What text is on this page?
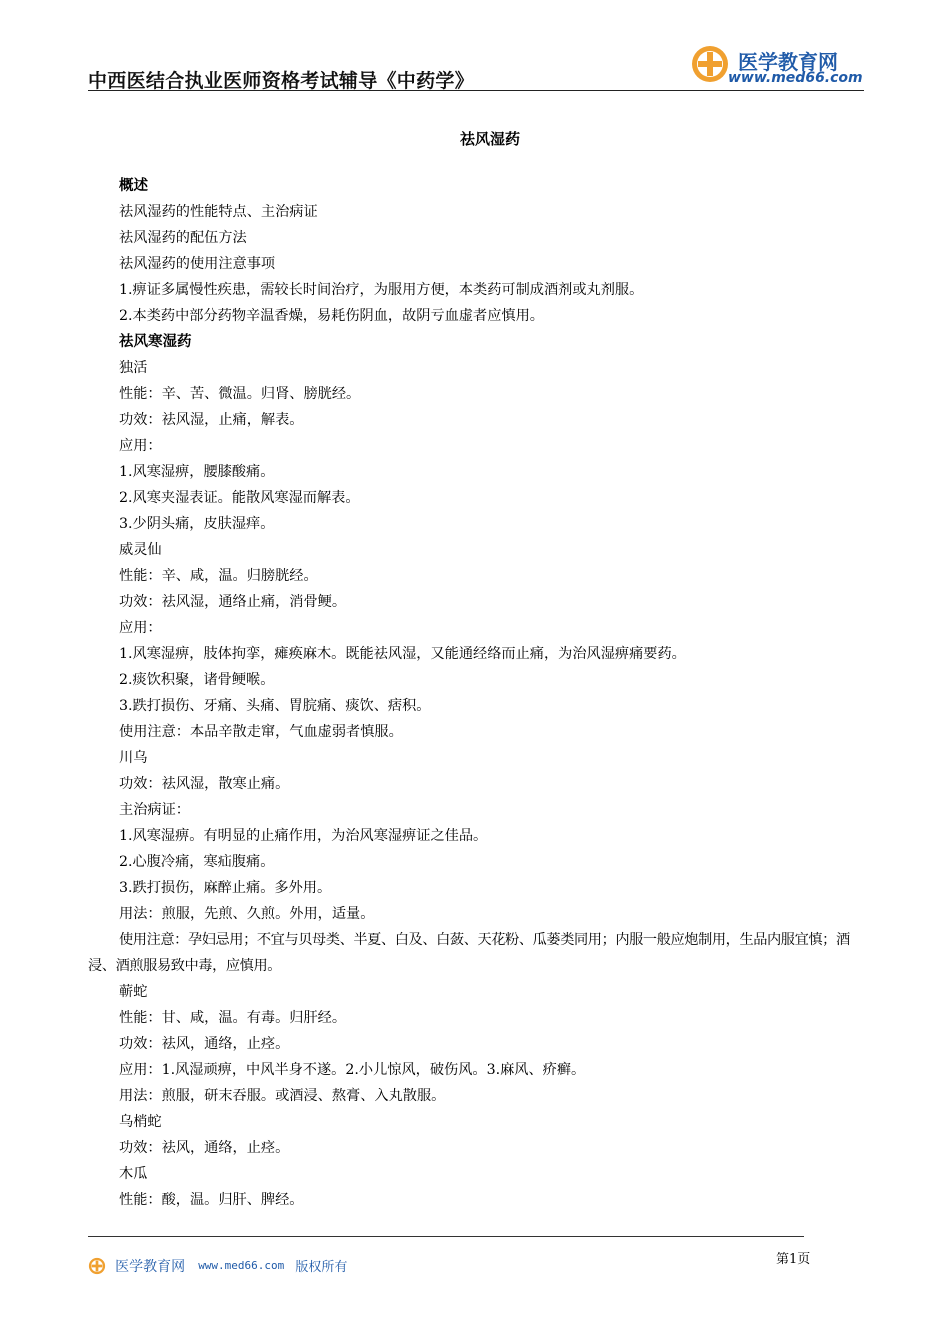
中西医结合执业医师资格考试辅导《中药学》
医学教育网
www.med66.com
祛风湿药
概述
祛风湿药的性能特点、主治病证
祛风湿药的配伍方法
祛风湿药的使用注意事项
1.痹证多属慢性疾患，需较长时间治疗，为服用方便，本类药可制成酒剂或丸剂服。
2.本类药中部分药物辛温香燥，易耗伤阴血，故阴亏血虚者应慎用。
祛风寒湿药
独活
性能：辛、苦、微温。归肾、膀胱经。
功效：祛风湿，止痛，解表。
应用：
1.风寒湿痹，腰膝酸痛。
2.风寒夹湿表证。能散风寒湿而解表。
3.少阴头痛，皮肤湿痒。
威灵仙
性能：辛、咸，温。归膀胱经。
功效：祛风湿，通络止痛，消骨鲠。
应用：
1.风寒湿痹，肢体拘挛，瘫痪麻木。既能祛风湿，又能通经络而止痛，为治风湿痹痛要药。
2.痰饮积聚，诸骨鲠喉。
3.跌打损伤、牙痛、头痛、胃脘痛、痰饮、痞积。
使用注意：本品辛散走窜，气血虚弱者慎服。
川乌
功效：祛风湿，散寒止痛。
主治病证：
1.风寒湿痹。有明显的止痛作用，为治风寒湿痹证之佳品。
2.心腹冷痛，寒疝腹痛。
3.跌打损伤，麻醉止痛。多外用。
用法：煎服，先煎、久煎。外用，适量。
使用注意：孕妇忌用；不宜与贝母类、半夏、白及、白蔹、天花粉、瓜蒌类同用；内服一般应炮制用，生品内服宜慎；酒浸、酒煎服易致中毒，应慎用。
蕲蛇
性能：甘、咸，温。有毒。归肝经。
功效：祛风，通络，止痉。
应用：1.风湿顽痹，中风半身不遂。2.小儿惊风，破伤风。3.麻风、疥癣。
用法：煎服，研末吞服。或酒浸、熬膏、入丸散服。
乌梢蛇
功效：祛风，通络，止痉。
木瓜
性能：酸，温。归肝、脾经。
医学教育网 www.med66.com 版权所有
第1页
